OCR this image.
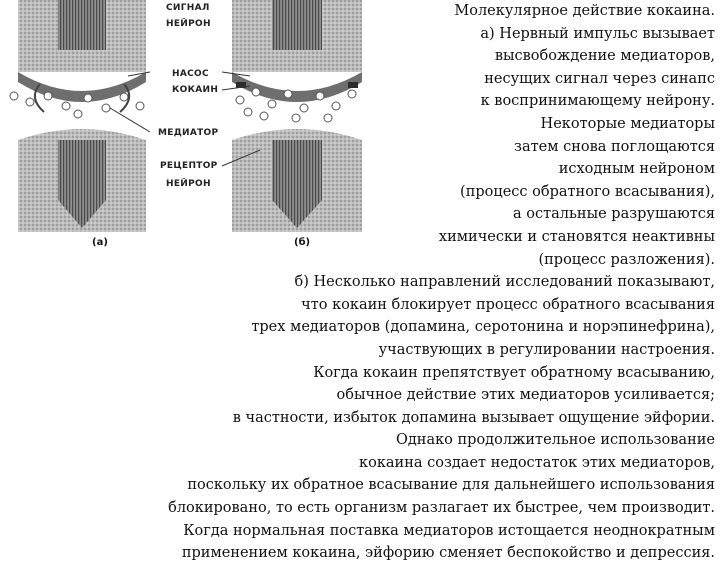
СИГНАЛ
НЕЙРОН
НАСОС
КОКАИН
МЕДИАТОР
РЕЦЕПТОР
НЕЙРОН
(а)	(б)
Молекулярное действие кокаина.
а) Нервный импульс вызывает
высвобождение медиаторов,
несущих сигнал через синапс
к воспринимающему нейрону.
Некоторые медиаторы
затем снова поглощаются
исходным нейроном
(процесс обратного всасывания),
а остальные разрушаются
химически и становятся неактивны
(процесс разложения).
б) Несколько направлений исследований показывают,
что кокаин блокирует процесс обратного всасывания
трех медиаторов (допамина, серотонина и норэпинефрина),
участвующих в регулировании настроения.
Когда кокаин препятствует обратному всасыванию,
обычное действие этих медиаторов усиливается;
в частности, избыток допамина вызывает ощущение эйфории.
Однако продолжительное использование
кокаина создает недостаток этих медиаторов,
поскольку их обратное всасывание для дальнейшего использования
блокировано, то есть организм разлагает их быстрее, чем производит.
Когда нормальная поставка медиаторов истощается неоднократным
применением кокаина, эйфорию сменяет беспокойство и депрессия.
